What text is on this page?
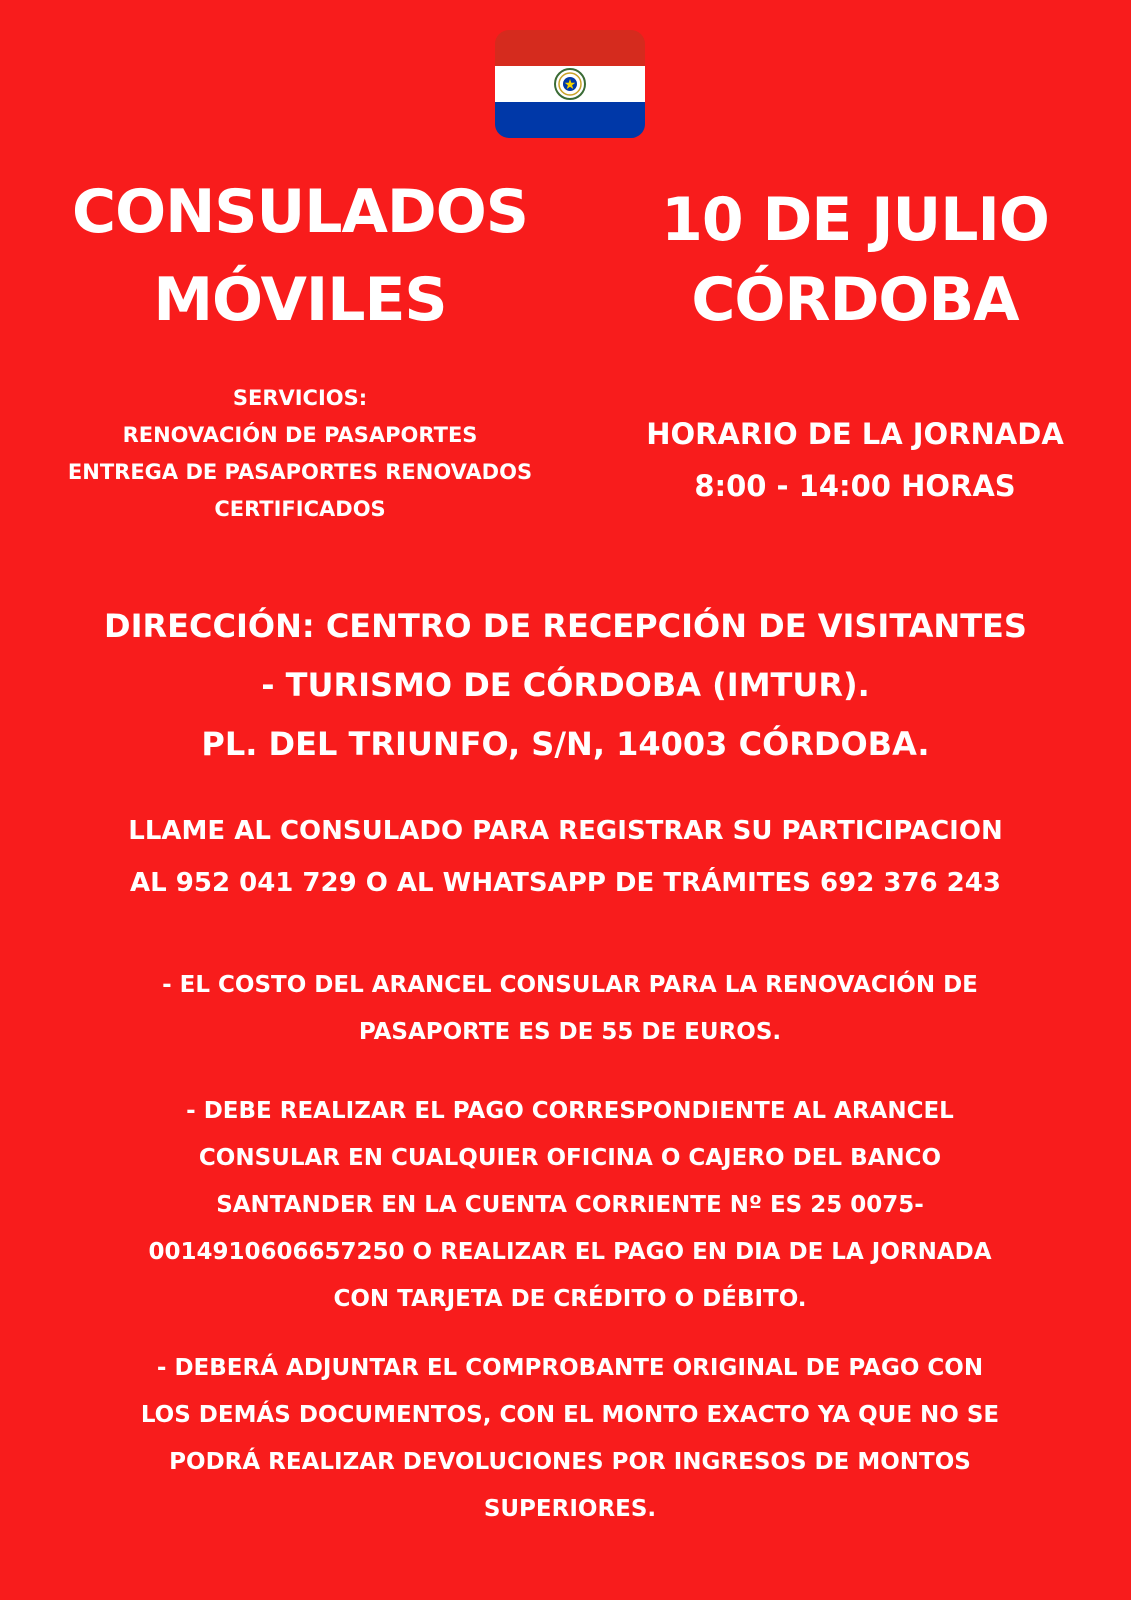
CONSULADOS
MÓVILES
10 DE JULIO
CÓRDOBA
SERVICIOS:
RENOVACIÓN DE PASAPORTES
ENTREGA DE PASAPORTES RENOVADOS
CERTIFICADOS
HORARIO DE LA JORNADA
8:00 - 14:00 HORAS
DIRECCIÓN: CENTRO DE RECEPCIÓN DE VISITANTES
- TURISMO DE CÓRDOBA (IMTUR).
PL. DEL TRIUNFO, S/N, 14003 CÓRDOBA.
LLAME AL CONSULADO PARA REGISTRAR SU PARTICIPACION
AL 952 041 729 O AL WHATSAPP DE TRÁMITES 692 376 243
- EL COSTO DEL ARANCEL CONSULAR PARA LA RENOVACIÓN DE
PASAPORTE ES DE 55 DE EUROS.
- DEBE REALIZAR EL PAGO CORRESPONDIENTE AL ARANCEL
CONSULAR EN CUALQUIER OFICINA O CAJERO DEL BANCO
SANTANDER EN LA CUENTA CORRIENTE Nº ES 25 0075-
0014910606657250 O REALIZAR EL PAGO EN DIA DE LA JORNADA
CON TARJETA DE CRÉDITO O DÉBITO.
- DEBERÁ ADJUNTAR EL COMPROBANTE ORIGINAL DE PAGO CON
LOS DEMÁS DOCUMENTOS, CON EL MONTO EXACTO YA QUE NO SE
PODRÁ REALIZAR DEVOLUCIONES POR INGRESOS DE MONTOS
SUPERIORES.
